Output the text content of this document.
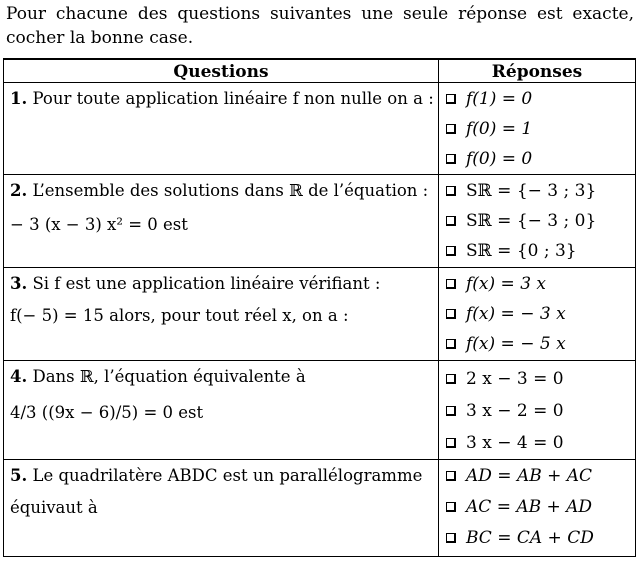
Pour chacune des questions suivantes une seule réponse est exacte, cocher la bonne case.
Questions	Réponses
1. Pour toute application linéaire f non nulle on a : f(1) = 0
f(0) = 1
f(0) = 0
2. L’ensemble des solutions dans ℝ de l’équation :
− 3 (x − 3) x² = 0 est
Sℝ = {− 3 ; 3}
Sℝ = {− 3 ; 0}
Sℝ = {0 ; 3}
3. Si f est une application linéaire vérifiant :
f(− 5) = 15 alors, pour tout réel x, on a :
f(x) = 3 x
f(x) = − 3 x
f(x) = − 5 x
4. Dans ℝ, l’équation équivalente à
4/3 ((9x − 6)/5) = 0 est
2 x − 3 = 0
3 x − 2 = 0
3 x − 4 = 0
5. Le quadrilatère ABDC est un parallélogramme
équivaut à
AD = AB + AC
AC = AB + AD
BC = CA + CD
